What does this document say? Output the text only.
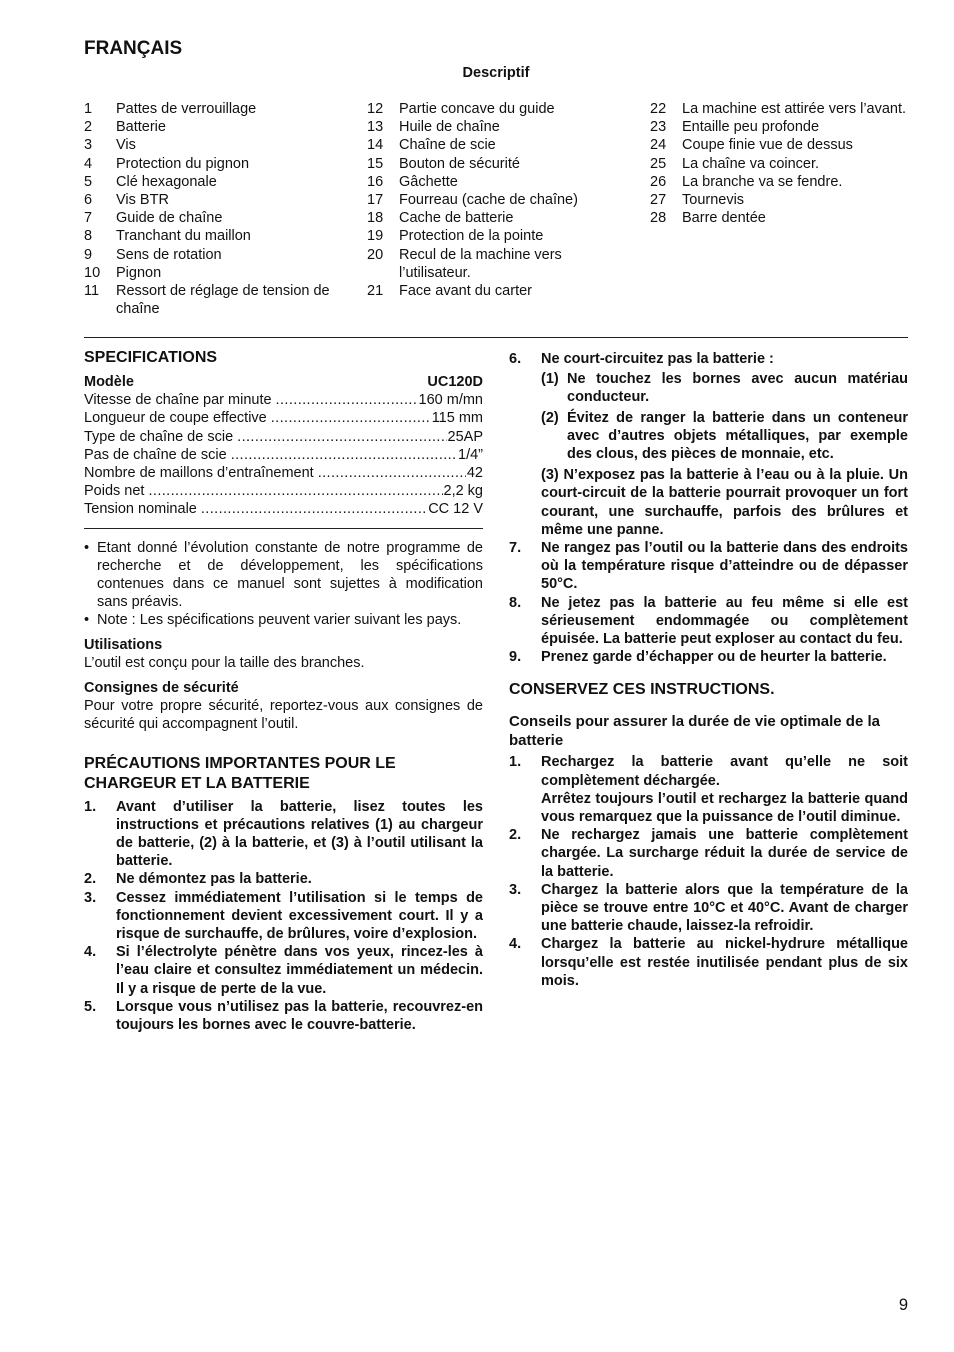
FRANÇAIS
Descriptif
1	Pattes de verrouillage
2	Batterie
3	Vis
4	Protection du pignon
5	Clé hexagonale
6	Vis BTR
7	Guide de chaîne
8	Tranchant du maillon
9	Sens de rotation
10	Pignon
11	Ressort de réglage de tension de chaîne
12	Partie concave du guide
13	Huile de chaîne
14	Chaîne de scie
15	Bouton de sécurité
16	Gâchette
17	Fourreau (cache de chaîne)
18	Cache de batterie
19	Protection de la pointe
20	Recul de la machine vers l’utilisateur.
21	Face avant du carter
22	La machine est attirée vers l’avant.
23	Entaille peu profonde
24	Coupe finie vue de dessus
25	La chaîne va coincer.
26	La branche va se fendre.
27	Tournevis
28	Barre dentée
SPECIFICATIONS
Modèle	UC120D
Vitesse de chaîne par minute .....	160 m/mn
Longueur de coupe effective .....	115 mm
Type de chaîne de scie .....	25AP
Pas de chaîne de scie .....	1/4”
Nombre de maillons d’entraînement .....	42
Poids net .....	2,2 kg
Tension nominale .....	CC 12 V
• Etant donné l’évolution constante de notre programme de recherche et de développement, les spécifications contenues dans ce manuel sont sujettes à modification sans préavis.
• Note : Les spécifications peuvent varier suivant les pays.
Utilisations
L’outil est conçu pour la taille des branches.
Consignes de sécurité
Pour votre propre sécurité, reportez-vous aux consignes de sécurité qui accompagnent l’outil.
PRÉCAUTIONS IMPORTANTES POUR LE CHARGEUR ET LA BATTERIE
1.	Avant d’utiliser la batterie, lisez toutes les instructions et précautions relatives (1) au chargeur de batterie, (2) à la batterie, et (3) à l’outil utilisant la batterie.
2.	Ne démontez pas la batterie.
3.	Cessez immédiatement l’utilisation si le temps de fonctionnement devient excessivement court. Il y a risque de surchauffe, de brûlures, voire d’explosion.
4.	Si l’électrolyte pénètre dans vos yeux, rincez-les à l’eau claire et consultez immédiatement un médecin. Il y a risque de perte de la vue.
5.	Lorsque vous n’utilisez pas la batterie, recouvrez-en toujours les bornes avec le couvre-batterie.
6.	Ne court-circuitez pas la batterie :
(1) Ne touchez les bornes avec aucun matériau conducteur.
(2) Évitez de ranger la batterie dans un conteneur avec d’autres objets métalliques, par exemple des clous, des pièces de monnaie, etc.
(3) N’exposez pas la batterie à l’eau ou à la pluie. Un court-circuit de la batterie pourrait provoquer un fort courant, une surchauffe, parfois des brûlures et même une panne.
7.	Ne rangez pas l’outil ou la batterie dans des endroits où la température risque d’atteindre ou de dépasser 50°C.
8.	Ne jetez pas la batterie au feu même si elle est sérieusement endommagée ou complètement épuisée. La batterie peut exploser au contact du feu.
9.	Prenez garde d’échapper ou de heurter la batterie.
CONSERVEZ CES INSTRUCTIONS.
Conseils pour assurer la durée de vie optimale de la batterie
1.	Rechargez la batterie avant qu’elle ne soit complètement déchargée.
Arrêtez toujours l’outil et rechargez la batterie quand vous remarquez que la puissance de l’outil diminue.
2.	Ne rechargez jamais une batterie complètement chargée. La surcharge réduit la durée de service de la batterie.
3.	Chargez la batterie alors que la température de la pièce se trouve entre 10°C et 40°C. Avant de charger une batterie chaude, laissez-la refroidir.
4.	Chargez la batterie au nickel-hydrure métallique lorsqu’elle est restée inutilisée pendant plus de six mois.
9
